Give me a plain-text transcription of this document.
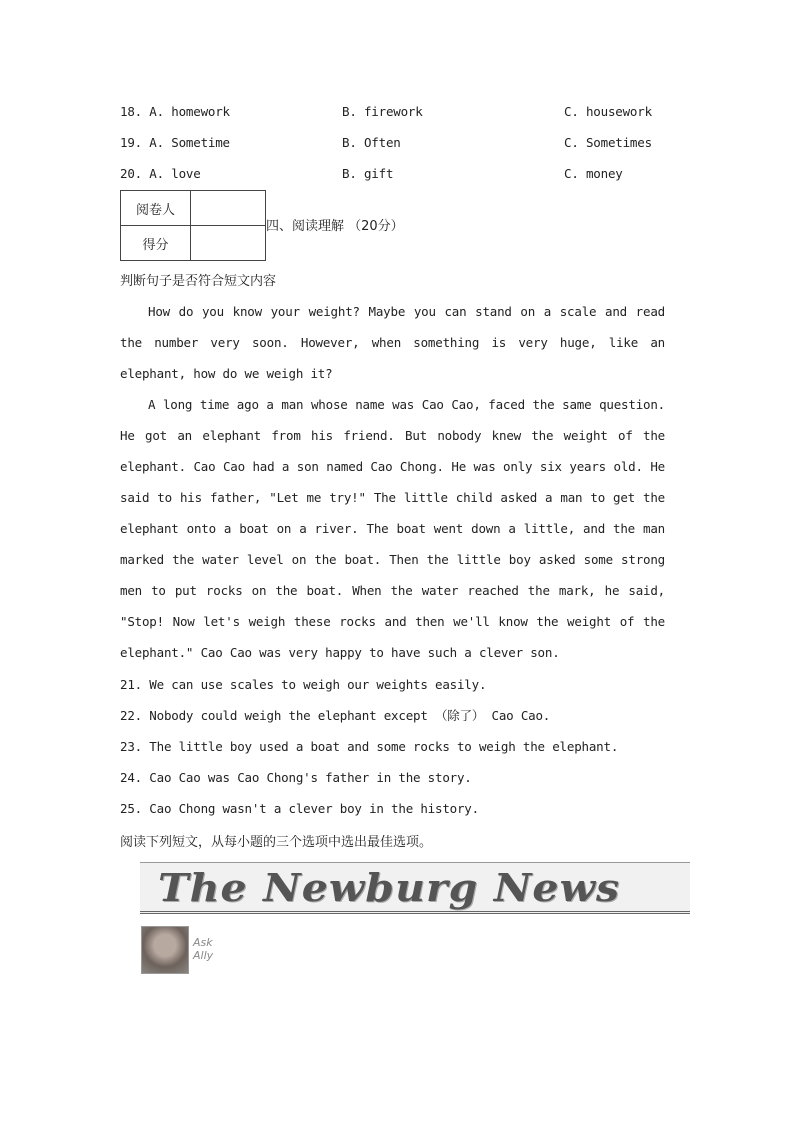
18. A. homework	B. firework	C. housework
19. A. Sometime	B. Often	C. Sometimes
20. A. love	B. gift	C. money
阅卷人	
得分	
四、阅读理解 （20分）
判断句子是否符合短文内容

How do you know your weight? Maybe you can stand on a scale and read the number very soon. However, when something is very huge, like an elephant, how do we weigh it?

A long time ago a man whose name was Cao Cao, faced the same question. He got an elephant from his friend. But nobody knew the weight of the elephant. Cao Cao had a son named Cao Chong. He was only six years old. He said to his father, "Let me try!" The little child asked a man to get the elephant onto a boat on a river. The boat went down a little, and the man marked the water level on the boat. Then the little boy asked some strong men to put rocks on the boat. When the water reached the mark, he said, "Stop! Now let's weigh these rocks and then we'll know the weight of the elephant." Cao Cao was very happy to have such a clever son.

21. We can use scales to weigh our weights easily.
22. Nobody could weigh the elephant except （除了） Cao Cao.
23. The little boy used a boat and some rocks to weigh the elephant.
24. Cao Cao was Cao Chong's father in the story.
25. Cao Chong wasn't a clever boy in the history.
阅读下列短文，从每小题的三个选项中选出最佳选项。
The Newburg News
Ask
Ally
